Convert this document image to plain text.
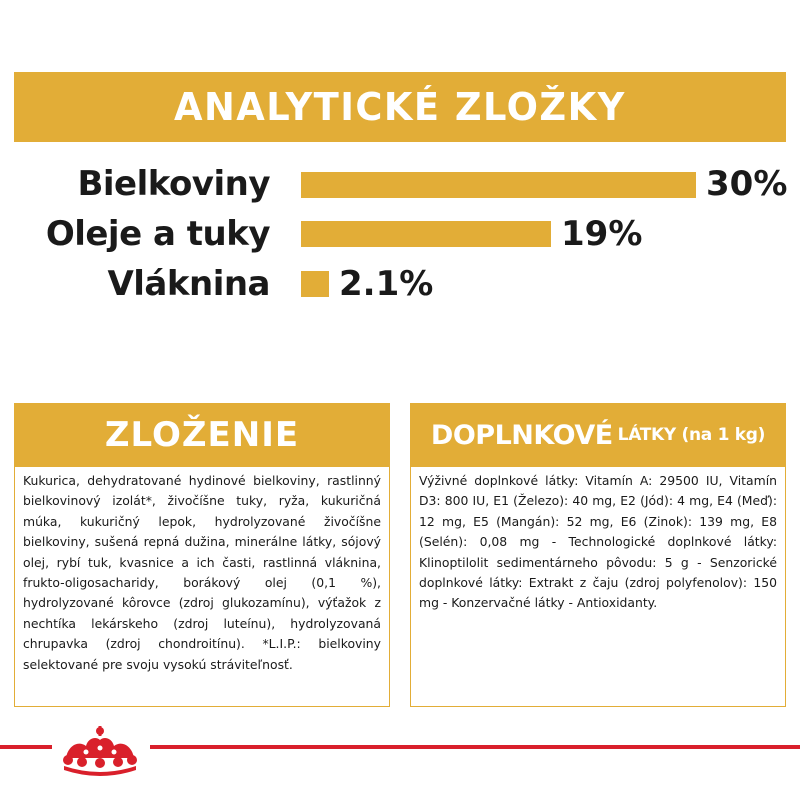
ANALYTICKÉ ZLOŽKY
Bielkoviny	30%
Oleje a tuky	19%
Vláknina 2.1%
ZLOŽENIE
Kukurica, dehydratované hydinové bielkoviny, rastlinný bielkovinový izolát*, živočíšne tuky, ryža, kukuričná múka, kukuričný lepok, hydrolyzované živočíšne bielkoviny, sušená repná dužina, minerálne látky, sójový olej, rybí tuk, kvasnice a ich časti, rastlinná vláknina, frukto-oligosacharidy, borákový olej (0,1 %), hydrolyzované kôrovce (zdroj glukozamínu), výťažok z nechtíka lekárskeho (zdroj luteínu), hydrolyzovaná chrupavka (zdroj chondroitínu). *L.I.P.: bielkoviny selektované pre svoju vysokú stráviteľnosť.
DOPLNKOVÉ LÁTKY (na 1 kg)
Výživné doplnkové látky: Vitamín A: 29500 IU, Vitamín D3: 800 IU, E1 (Železo): 40 mg, E2 (Jód): 4 mg, E4 (Meď): 12 mg, E5 (Mangán): 52 mg, E6 (Zinok): 139 mg, E8 (Selén): 0,08 mg - Technologické doplnkové látky: Klinoptilolit sedimentárneho pôvodu: 5 g - Senzorické doplnkové látky: Extrakt z čaju (zdroj polyfenolov): 150 mg - Konzervačné látky - Antioxidanty.
